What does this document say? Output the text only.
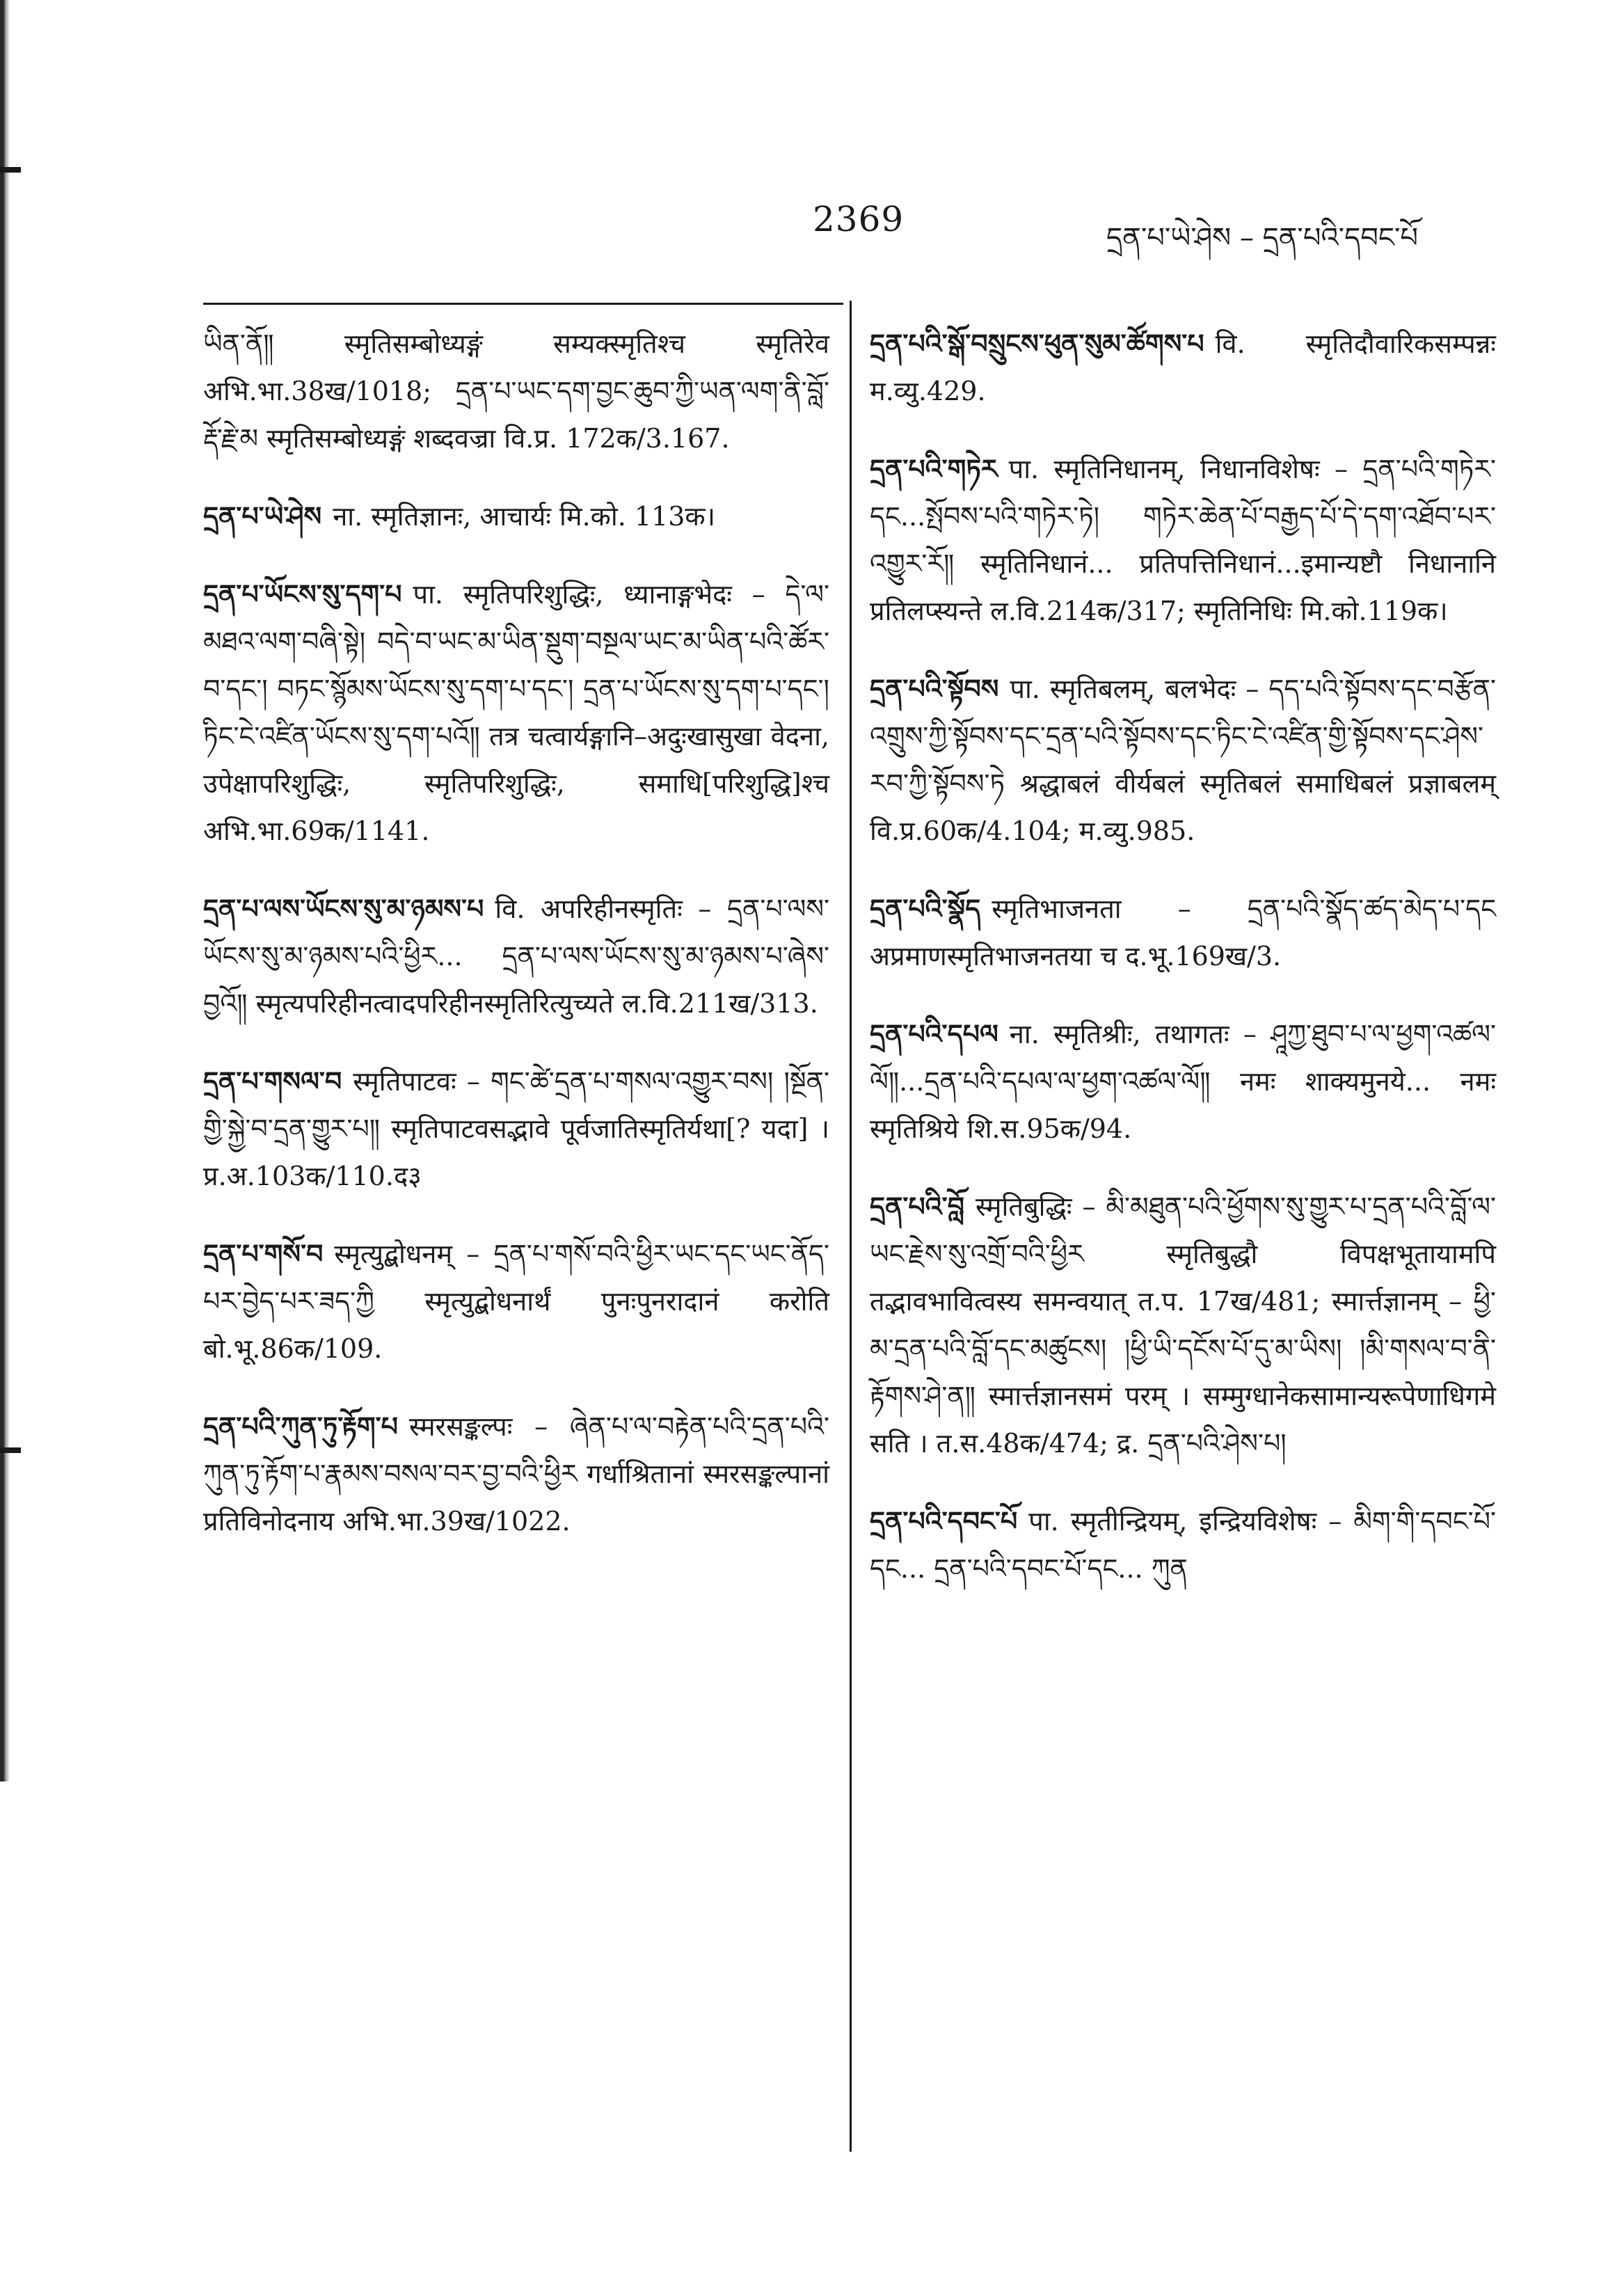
2369	དྲན་པ་ཡེ་ཤེས – དྲན་པའི་དབང་པོ

ཡིན་ནོ༎ स्मृतिसम्बोध्यङ्गं सम्यक्स्मृतिश्च स्मृतिरेव अभि.भा.38ख/1018; དྲན་པ་ཡང་དག་བྱང་ཆུབ་ཀྱི་ཡན་ལག་ནི་བློ་རྡོ་རྗེ་མ स्मृतिसम्बोध्यङ्गं शब्दवज्रा वि.प्र. 172क/3.167.

དྲན་པ་ཡེ་ཤེས ना. स्मृतिज्ञानः, आचार्यः मि.को. 113क।

དྲན་པ་ཡོངས་སུ་དག་པ पा. स्मृतिपरिशुद्धिः, ध्यानाङ्गभेदः – དེ་ལ་མཐའ་ལག་བཞི་སྟེ། བདེ་བ་ཡང་མ་ཡིན་སྡུག་བསྔལ་ཡང་མ་ཡིན་པའི་ཚོར་བ་དང་། བཏང་སྙོམས་ཡོངས་སུ་དག་པ་དང་། དྲན་པ་ཡོངས་སུ་དག་པ་དང་། ཏིང་ངེ་འཛིན་ཡོངས་སུ་དག་པའོ༎ तत्र चत्वार्यङ्गानि–अदुःखासुखा वेदना, उपेक्षापरिशुद्धिः, स्मृतिपरिशुद्धिः, समाधि[परिशुद्धि]श्च अभि.भा.69क/1141.

དྲན་པ་ལས་ཡོངས་སུ་མ་ཉམས་པ वि. अपरिहीनस्मृतिः – དྲན་པ་ལས་ཡོངས་སུ་མ་ཉམས་པའི་ཕྱིར... དྲན་པ་ལས་ཡོངས་སུ་མ་ཉམས་པ་ཞེས་བྱའོ༎ स्मृत्यपरिहीनत्वादपरिहीनस्मृतिरित्युच्यते ल.वि.211ख/313.

དྲན་པ་གསལ་བ स्मृतिपाटवः – གང་ཚེ་དྲན་པ་གསལ་འགྱུར་བས། །སྔོན་གྱི་སྐྱེ་བ་དྲན་གྱུར་པ༎ स्मृतिपाटवसद्भावे पूर्वजातिस्मृतिर्यथा[? यदा] । प्र.अ.103क/110.द३

དྲན་པ་གསོ་བ स्मृत्युद्बोधनम् – དྲན་པ་གསོ་བའི་ཕྱིར་ཡང་དང་ཡང་ནོད་པར་བྱེད་པར་ཟད་ཀྱི स्मृत्युद्बोधनार्थं पुनःपुनरादानं करोति बो.भू.86क/109.

དྲན་པའི་ཀུན་ཏུ་རྟོག་པ स्मरसङ्कल्पः – ཞེན་པ་ལ་བརྟེན་པའི་དྲན་པའི་ཀུན་ཏུ་རྟོག་པ་རྣམས་བསལ་བར་བྱ་བའི་ཕྱིར गर्धाश्रितानां स्मरसङ्कल्पानां प्रतिविनोदनाय अभि.भा.39ख/1022.

དྲན་པའི་སྒོ་བསྲུངས་ཕུན་སུམ་ཚོགས་པ वि. स्मृतिदौवारिकसम्पन्नः म.व्यु.429.

དྲན་པའི་གཏེར पा. स्मृतिनिधानम्, निधानविशेषः – དྲན་པའི་གཏེར་དང...སྤོབས་པའི་གཏེར་ཏེ། གཏེར་ཆེན་པོ་བརྒྱད་པོ་དེ་དག་འཐོབ་པར་འགྱུར་རོ༎ स्मृतिनिधानं... प्रतिपत्तिनिधानं...इमान्यष्टौ निधानानि प्रतिलप्स्यन्ते ल.वि.214क/317; स्मृतिनिधिः मि.को.119क।

དྲན་པའི་སྟོབས पा. स्मृतिबलम्, बलभेदः – དད་པའི་སྟོབས་དང་བརྩོན་འགྲུས་ཀྱི་སྟོབས་དང་དྲན་པའི་སྟོབས་དང་ཏིང་ངེ་འཛིན་གྱི་སྟོབས་དང་ཤེས་རབ་ཀྱི་སྟོབས་ཏེ श्रद्धाबलं वीर्यबलं स्मृतिबलं समाधिबलं प्रज्ञाबलम् वि.प्र.60क/4.104; म.व्यु.985.

དྲན་པའི་སྣོད स्मृतिभाजनता – དྲན་པའི་སྣོད་ཚད་མེད་པ་དང अप्रमाणस्मृतिभाजनतया च द.भू.169ख/3.

དྲན་པའི་དཔལ ना. स्मृतिश्रीः, तथागतः – ཤཱཀྱ་ཐུབ་པ་ལ་ཕྱག་འཚལ་ལོ༎...དྲན་པའི་དཔལ་ལ་ཕྱག་འཚལ་ལོ༎ नमः शाक्यमुनये... नमः स्मृतिश्रिये शि.स.95क/94.

དྲན་པའི་བློ स्मृतिबुद्धिः – མི་མཐུན་པའི་ཕྱོགས་སུ་གྱུར་པ་དྲན་པའི་བློ་ལ་ཡང་རྗེས་སུ་འགྲོ་བའི་ཕྱིར स्मृतिबुद्धौ विपक्षभूतायामपि तद्भावभावित्वस्य समन्वयात् त.प. 17ख/481; स्मार्त्तज्ञानम् – ཕྱི་མ་དྲན་པའི་བློ་དང་མཚུངས། །ཕྱི་ཡི་དངོས་པོ་དུ་མ་ཡིས། །མི་གསལ་བ་ནི་རྟོགས་ཤེ་ན༎ स्मार्त्तज्ञानसमं परम् । सम्मुग्धानेकसामान्यरूपेणाधिगमे सति । त.स.48क/474; द्र. དྲན་པའི་ཤེས་པ།

དྲན་པའི་དབང་པོ पा. स्मृतीन्द्रियम्, इन्द्रियविशेषः – མིག་གི་དབང་པོ་དང... དྲན་པའི་དབང་པོ་དང... ཀུན
